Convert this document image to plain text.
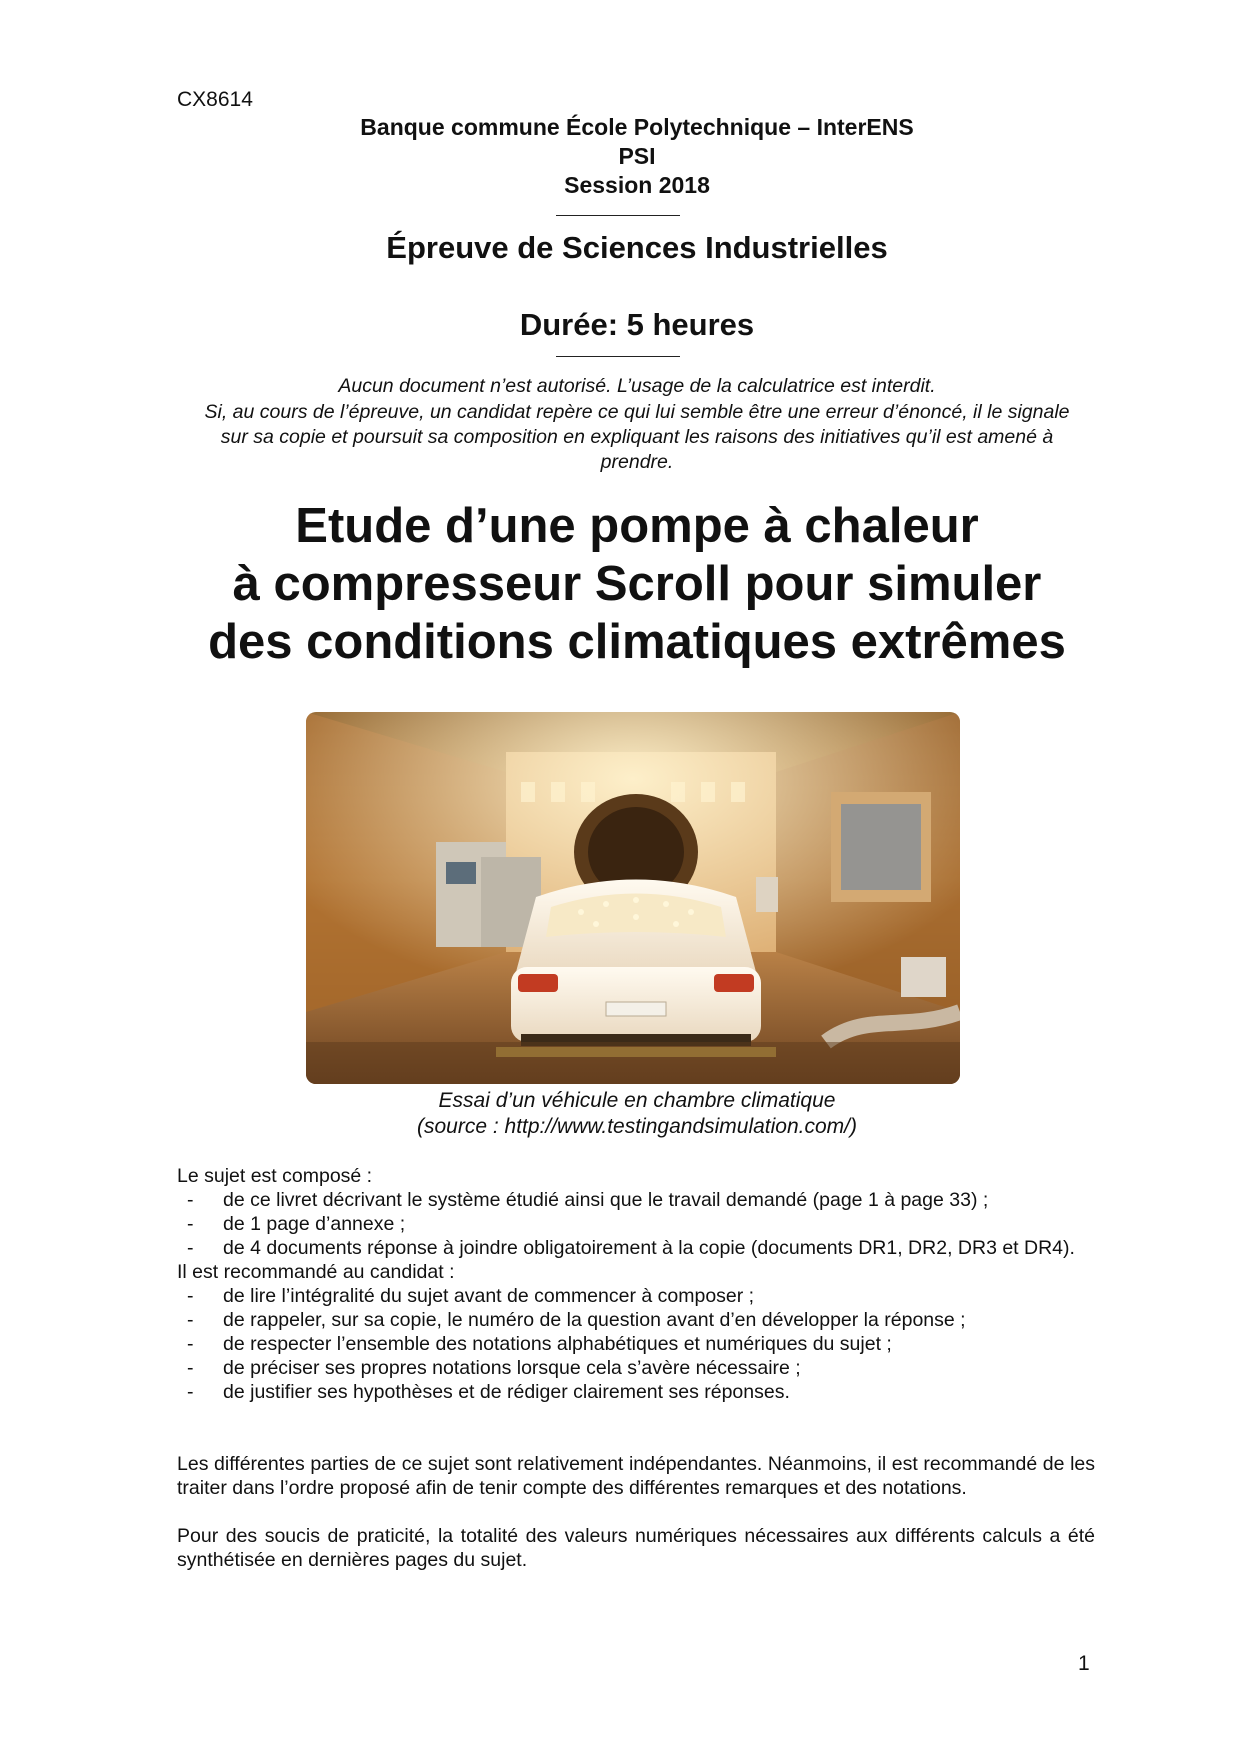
CX8614
Banque commune École Polytechnique – InterENS
PSI
Session 2018
Épreuve de Sciences Industrielles
Durée: 5 heures
Aucun document n’est autorisé. L’usage de la calculatrice est interdit.
Si, au cours de l’épreuve, un candidat repère ce qui lui semble être une erreur d’énoncé, il le signale sur sa copie et poursuit sa composition en expliquant les raisons des initiatives qu’il est amené à prendre.
Etude d’une pompe à chaleur
à compresseur Scroll pour simuler
des conditions climatiques extrêmes
Essai d’un véhicule en chambre climatique
(source : http://www.testingandsimulation.com/)
Le sujet est composé :
- de ce livret décrivant le système étudié ainsi que le travail demandé (page 1 à page 33) ;
- de 1 page d’annexe ;
- de 4 documents réponse à joindre obligatoirement à la copie (documents DR1, DR2, DR3 et DR4).
Il est recommandé au candidat :
- de lire l’intégralité du sujet avant de commencer à composer ;
- de rappeler, sur sa copie, le numéro de la question avant d’en développer la réponse ;
- de respecter l’ensemble des notations alphabétiques et numériques du sujet ;
- de préciser ses propres notations lorsque cela s’avère nécessaire ;
- de justifier ses hypothèses et de rédiger clairement ses réponses.

Les différentes parties de ce sujet sont relativement indépendantes. Néanmoins, il est recommandé de les traiter dans l’ordre proposé afin de tenir compte des différentes remarques et des notations.

Pour des soucis de praticité, la totalité des valeurs numériques nécessaires aux différents calculs a été synthétisée en dernières pages du sujet.

1
